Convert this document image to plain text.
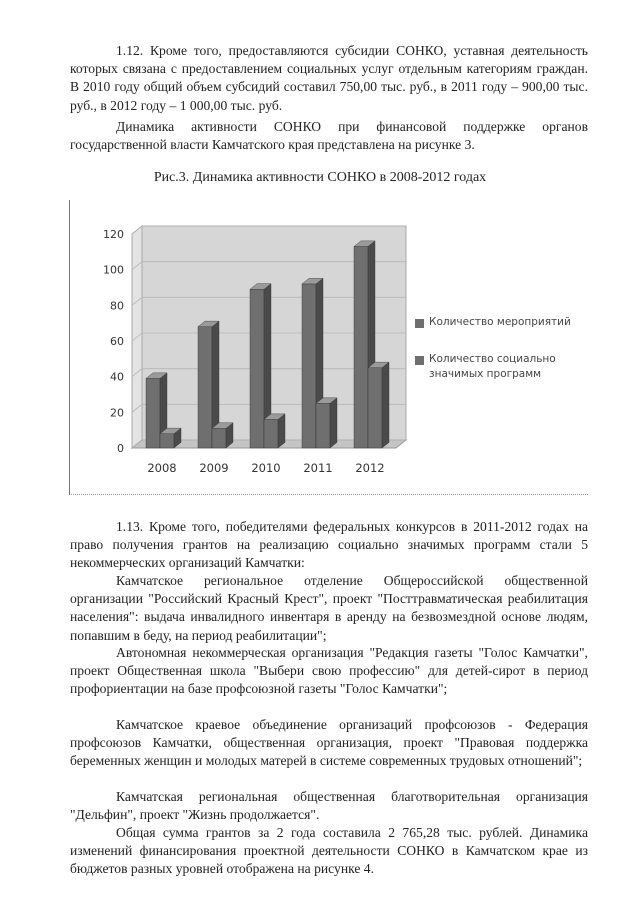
1.12. Кроме того, предоставляются субсидии СОНКО, уставная деятельность которых связана с предоставлением социальных услуг отдельным категориям граждан. В 2010 году общий объем субсидий составил 750,00 тыс. руб., в 2011 году – 900,00 тыс. руб., в 2012 году – 1 000,00 тыс. руб.

Динамика активности СОНКО при финансовой поддержке органов государственной власти Камчатского края представлена на рисунке 3.

Рис.3. Динамика активности СОНКО в 2008-2012 годах
0
20
40
60
80
100
120
2008 2009 2010 2011 2012
Количество мероприятий
Количество социально значимых программ

1.13. Кроме того, победителями федеральных конкурсов в 2011-2012 годах на право получения грантов на реализацию социально значимых программ стали 5 некоммерческих организаций Камчатки:

Камчатское региональное отделение Общероссийской общественной организации "Российский Красный Крест", проект "Посттравматическая реабилитация населения": выдача инвалидного инвентаря в аренду на безвозмездной основе людям, попавшим в беду, на период реабилитации";

Автономная некоммерческая организация "Редакция газеты "Голос Камчатки", проект Общественная школа "Выбери свою профессию" для детей-сирот в период профориентации на базе профсоюзной газеты "Голос Камчатки";

Камчатское краевое объединение организаций профсоюзов - Федерация профсоюзов Камчатки, общественная организация, проект "Правовая поддержка беременных женщин и молодых матерей в системе современных трудовых отношений";

Камчатская региональная общественная благотворительная организация "Дельфин", проект "Жизнь продолжается".

Общая сумма грантов за 2 года составила 2 765,28 тыс. рублей. Динамика изменений финансирования проектной деятельности СОНКО в Камчатском крае из бюджетов разных уровней отображена на рисунке 4.
